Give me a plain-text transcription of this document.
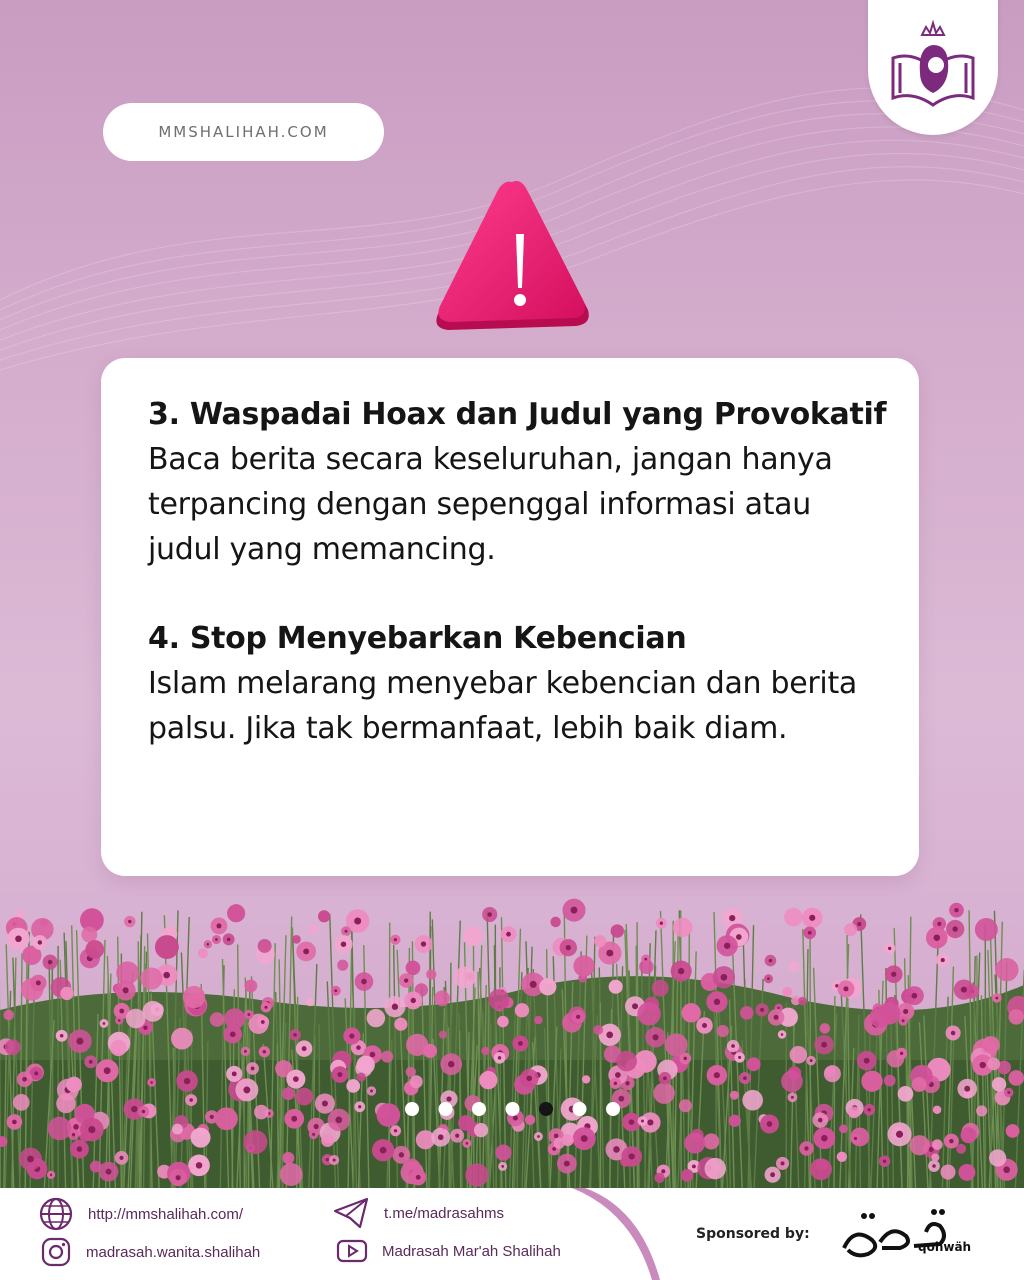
MMSHALIHAH.COM

3. Waspadai Hoax dan Judul yang Provokatif

Baca berita secara keseluruhan, jangan hanya terpancing dengan sepenggal informasi atau judul yang memancing.

4. Stop Menyebarkan Kebencian

Islam melarang menyebar kebencian dan berita palsu. Jika tak bermanfaat, lebih baik diam.

http://mmshalihah.com/
madrasah.wanita.shalihah
t.me/madrasahms
Madrasah Mar'ah Shalihah
Sponsored by:
qohwäh
